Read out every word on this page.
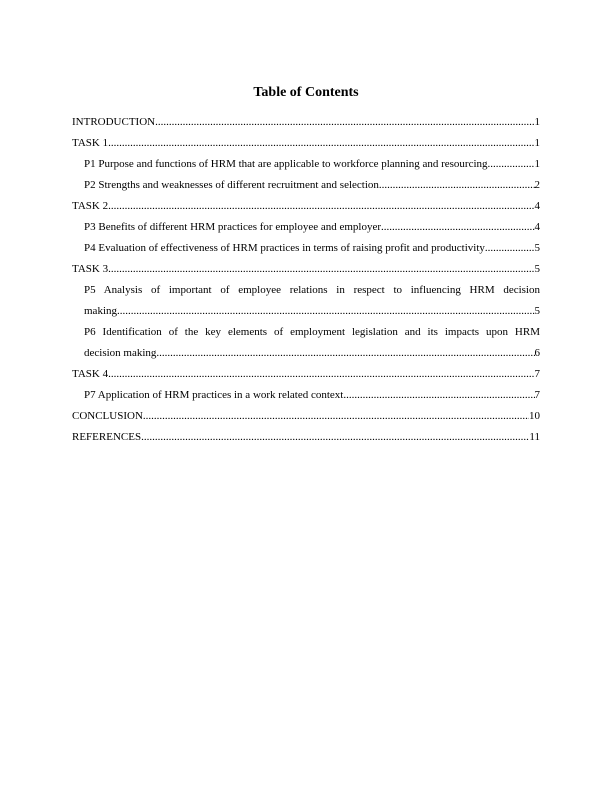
Table of Contents
INTRODUCTION .....	1
TASK 1 .....	1
P1 Purpose and functions of HRM that are applicable to workforce planning and resourcing .....	1
P2 Strengths and weaknesses of different recruitment and selection .....	2
TASK 2 .....	4
P3 Benefits of different HRM practices for employee and employer .....	4
P4 Evaluation of effectiveness of HRM practices in terms of raising profit and productivity .....	5
TASK 3 .....	5
P5 Analysis of important of employee relations in respect to influencing HRM decision
making .....	5
P6 Identification of the key elements of employment legislation and its impacts upon HRM
decision making .....	6
TASK 4 .....	7
P7 Application of HRM practices in a work related context .....	7
CONCLUSION .....	10
REFERENCES .....	11
